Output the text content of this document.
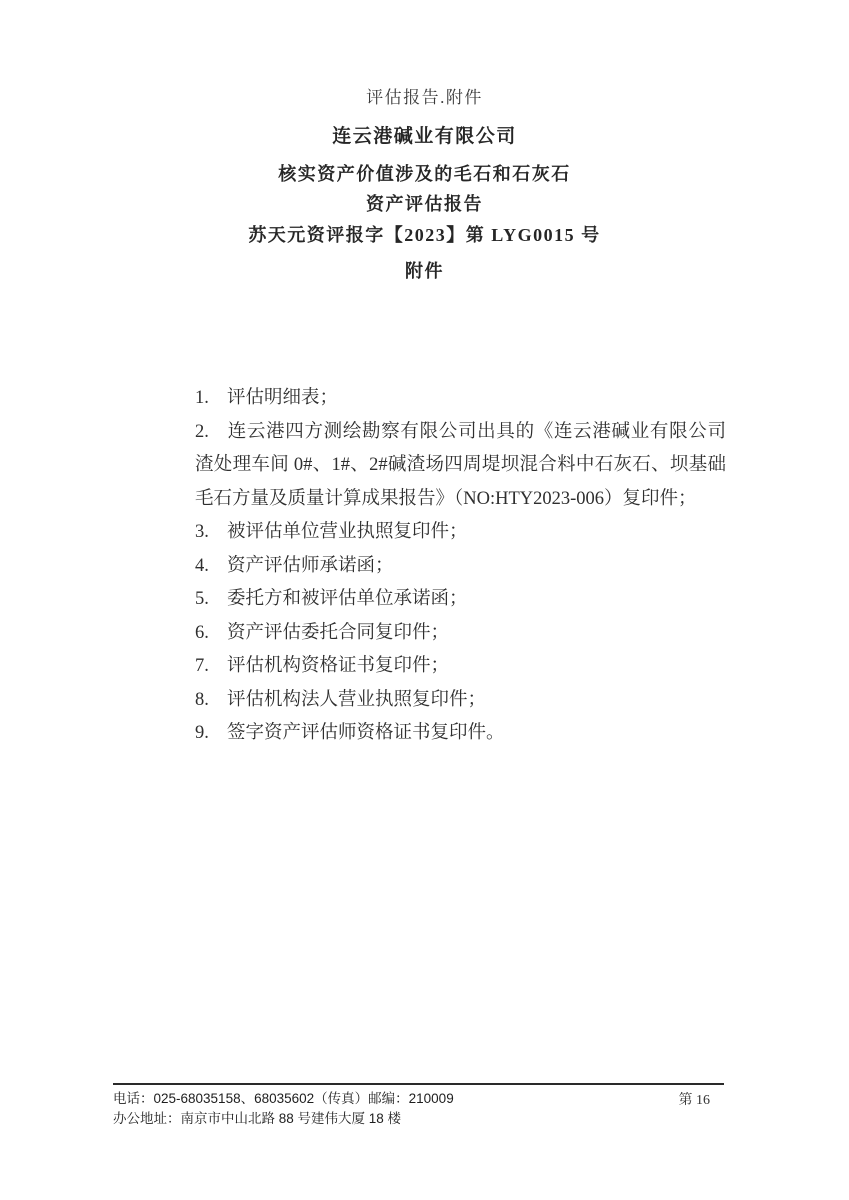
评估报告.附件
连云港碱业有限公司
核实资产价值涉及的毛石和石灰石
资产评估报告
苏天元资评报字【2023】第 LYG0015 号
附件

1. 评估明细表；

2. 连云港四方测绘勘察有限公司出具的《连云港碱业有限公司渣处理车间 0#、1#、2#碱渣场四周堤坝混合料中石灰石、坝基础毛石方量及质量计算成果报告》（NO:HTY2023-006）复印件；

3. 被评估单位营业执照复印件；

4. 资产评估师承诺函；

5. 委托方和被评估单位承诺函；

6. 资产评估委托合同复印件；

7. 评估机构资格证书复印件；

8. 评估机构法人营业执照复印件；

9. 签字资产评估师资格证书复印件。

电话：025-68035158、68035602（传真）邮编：210009
办公地址：南京市中山北路 88 号建伟大厦 18 楼
第 16
